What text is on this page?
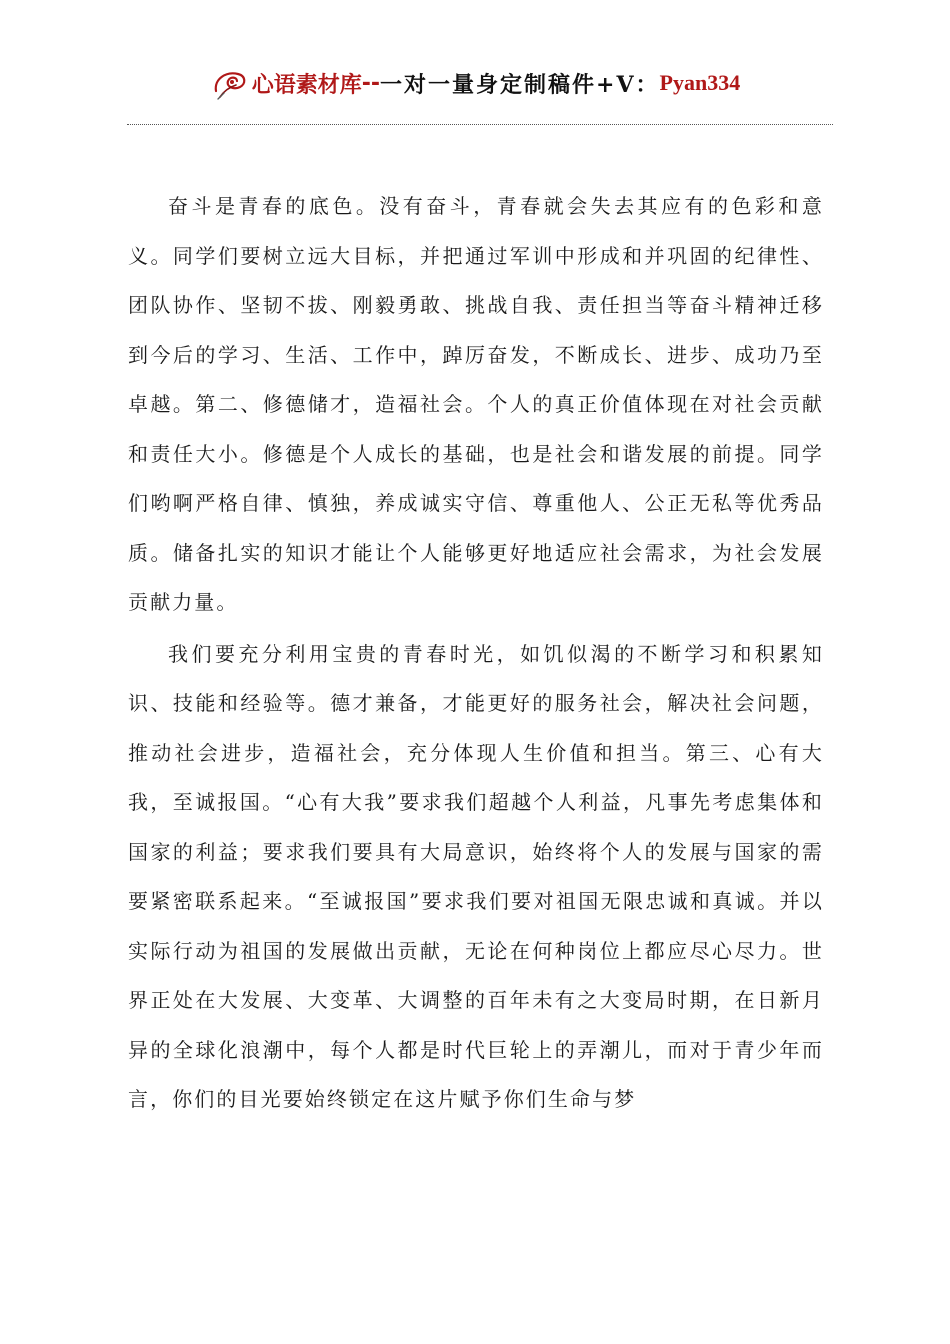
心语素材库 -- 一对一量身定制稿件+V： Pyan334

奋斗是青春的底色。没有奋斗，青春就会失去其应有的色彩和意义。同学们要树立远大目标，并把通过军训中形成和并巩固的纪律性、团队协作、坚韧不拔、刚毅勇敢、挑战自我、责任担当等奋斗精神迁移到今后的学习、生活、工作中，踔厉奋发，不断成长、进步、成功乃至卓越。第二、修德储才，造福社会。个人的真正价值体现在对社会贡献和责任大小。修德是个人成长的基础，也是社会和谐发展的前提。同学们哟啊严格自律、慎独，养成诚实守信、尊重他人、公正无私等优秀品质。储备扎实的知识才能让个人能够更好地适应社会需求，为社会发展贡献力量。

我们要充分利用宝贵的青春时光，如饥似渴的不断学习和积累知识、技能和经验等。德才兼备，才能更好的服务社会，解决社会问题，推动社会进步，造福社会，充分体现人生价值和担当。第三、心有大我，至诚报国。“心有大我”要求我们超越个人利益，凡事先考虑集体和国家的利益；要求我们要具有大局意识，始终将个人的发展与国家的需要紧密联系起来。“至诚报国”要求我们要对祖国无限忠诚和真诚。并以实际行动为祖国的发展做出贡献，无论在何种岗位上都应尽心尽力。世界正处在大发展、大变革、大调整的百年未有之大变局时期，在日新月异的全球化浪潮中，每个人都是时代巨轮上的弄潮儿，而对于青少年而言，你们的目光要始终锁定在这片赋予你们生命与梦
